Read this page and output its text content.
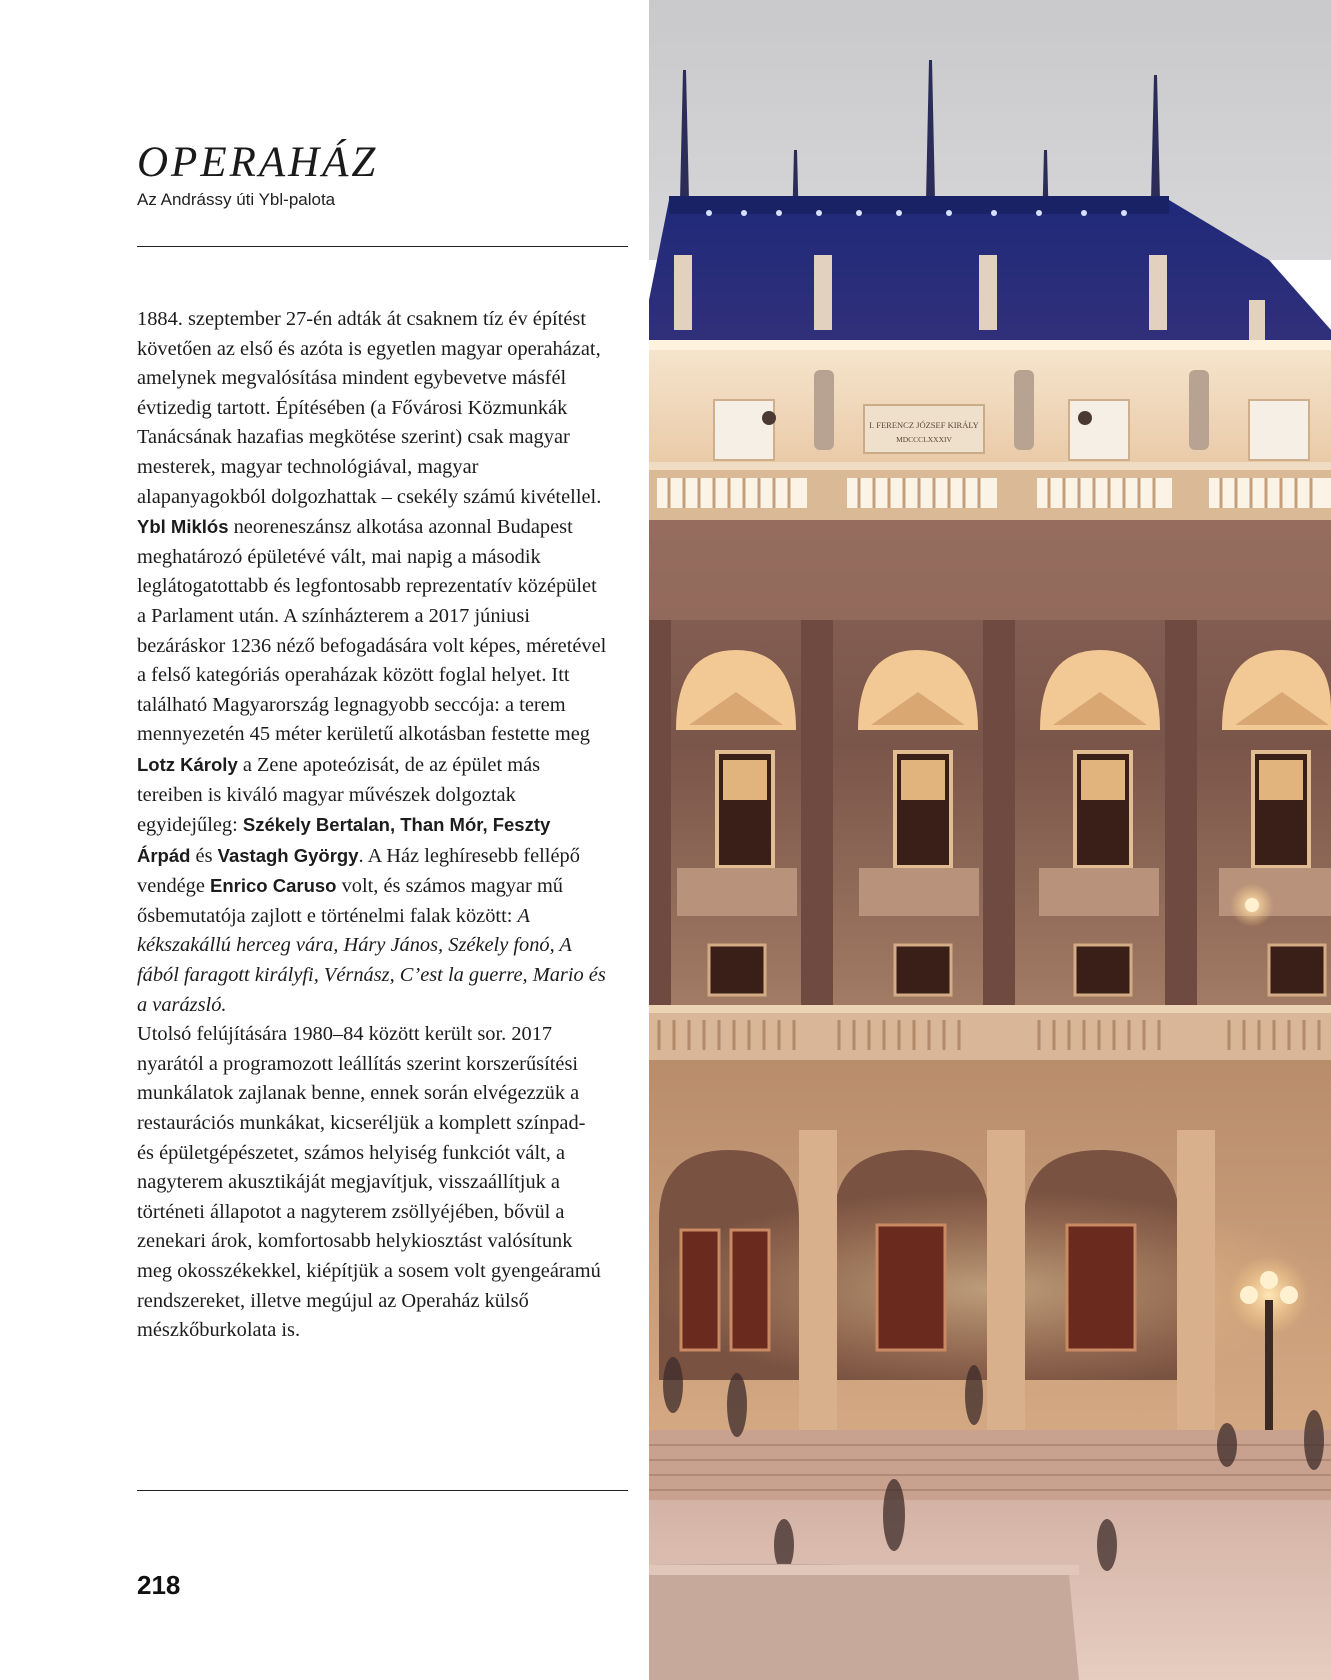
OPERAHÁZ
Az Andrássy úti Ybl-palota

1884. szeptember 27-én adták át csaknem tíz év építést követően az első és azóta is egyetlen magyar operaházat, amelynek megvalósítása mindent egybevetve másfél évtizedig tartott. Építésében (a Fővárosi Közmunkák Tanácsának hazafias megkötése szerint) csak magyar mesterek, magyar technológiával, magyar alapanyagokból dolgozhattak – csekély számú kivétellel. Ybl Miklós neoreneszánsz alkotása azonnal Budapest meghatározó épületévé vált, mai napig a második leglátogatottabb és legfontosabb reprezentatív középület a Parlament után. A színházterem a 2017 júniusi bezáráskor 1236 néző befogadására volt képes, méretével a felső kategóriás operaházak között foglal helyet. Itt található Magyarország legnagyobb seccója: a terem mennyezetén 45 méter kerületű alkotásban festette meg Lotz Károly a Zene apoteózisát, de az épület más tereiben is kiváló magyar művészek dolgoztak egyidejűleg: Székely Bertalan, Than Mór, Feszty Árpád és Vastagh György. A Ház leghíresebb fellépő vendége Enrico Caruso volt, és számos magyar mű ősbemutatója zajlott e történelmi falak között: A kékszakállú herceg vára, Háry János, Székely fonó, A fából faragott királyfi, Vérnász, C’est la guerre, Mario és a varázsló.

Utolsó felújítására 1980–84 között került sor. 2017 nyarától a programozott leállítás szerint korszerűsítési munkálatok zajlanak benne, ennek során elvégezzük a restaurációs munkákat, kicseréljük a komplett színpad- és épületgépészetet, számos helyiség funkciót vált, a nagyterem akusztikáját megjavítjuk, visszaállítjuk a történeti állapotot a nagyterem zsöllyéjében, bővül a zenekari árok, komfortosabb helykiosztást valósítunk meg okosszékekkel, kiépítjük a sosem volt gyengeáramú rendszereket, illetve megújul az Operaház külső mészkőburkolata is.

218
I. FERENCZ JÓZSEF KIRÁLY
MDCCCLXXXIV
